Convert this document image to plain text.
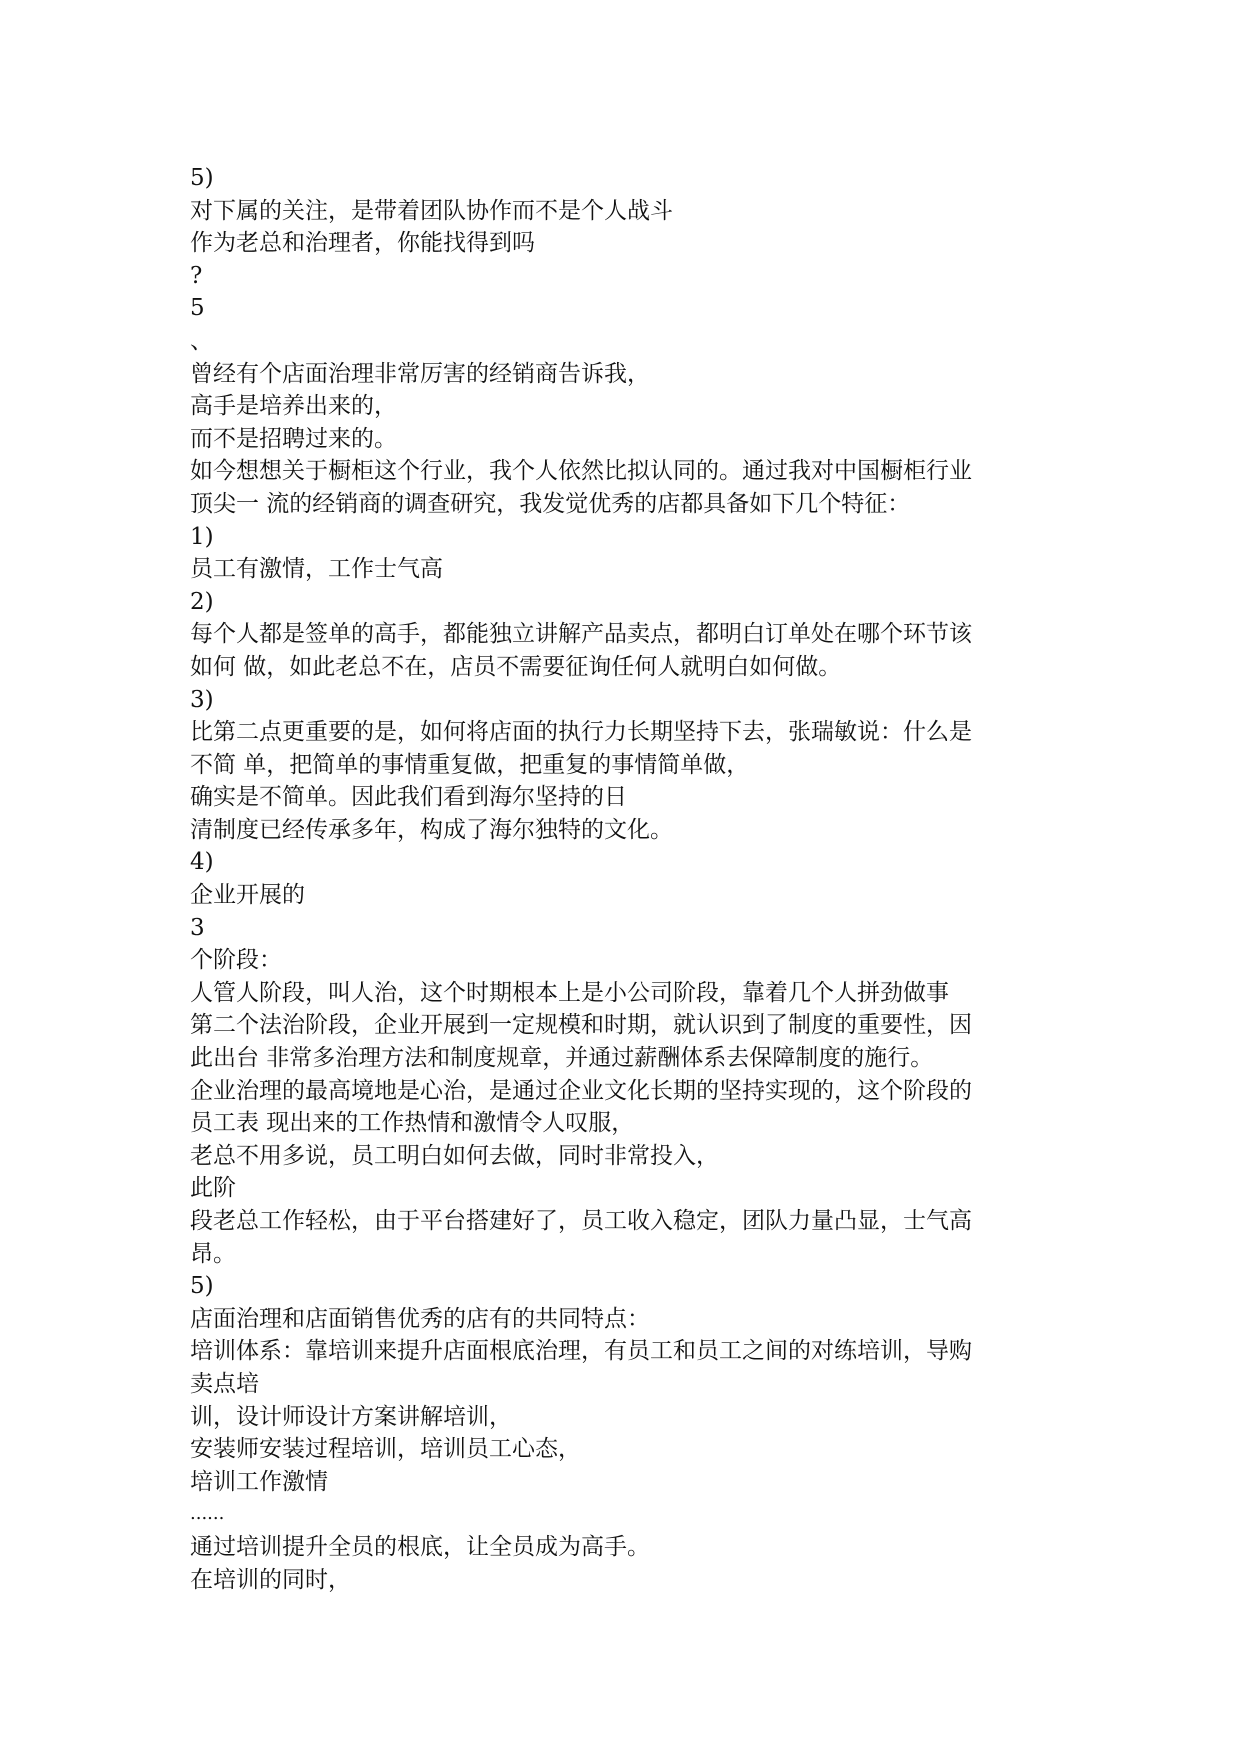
5)

对下属的关注，是带着团队协作而不是个人战斗

作为老总和治理者，你能找得到吗

?

5

、

曾经有个店面治理非常厉害的经销商告诉我，

高手是培养出来的，

而不是招聘过来的。

如今想想关于橱柜这个行业，我个人依然比拟认同的。通过我对中国橱柜行业

顶尖一 流的经销商的调查研究，我发觉优秀的店都具备如下几个特征：

1)

员工有激情，工作士气高

2)

每个人都是签单的高手，都能独立讲解产品卖点，都明白订单处在哪个环节该

如何 做，如此老总不在，店员不需要征询任何人就明白如何做。

3)

比第二点更重要的是，如何将店面的执行力长期坚持下去，张瑞敏说：什么是

不简 单，把简单的事情重复做，把重复的事情简单做，

确实是不简单。因此我们看到海尔坚持的日

清制度已经传承多年，构成了海尔独特的文化。

4)

企业开展的

3

个阶段：

人管人阶段，叫人治，这个时期根本上是小公司阶段，靠着几个人拼劲做事

第二个法治阶段，企业开展到一定规模和时期，就认识到了制度的重要性，因

此出台 非常多治理方法和制度规章，并通过薪酬体系去保障制度的施行。

企业治理的最高境地是心治，是通过企业文化长期的坚持实现的，这个阶段的

员工表 现出来的工作热情和激情令人叹服，

老总不用多说，员工明白如何去做，同时非常投入，

此阶

段老总工作轻松，由于平台搭建好了，员工收入稳定，团队力量凸显，士气高

昂。

5)

店面治理和店面销售优秀的店有的共同特点：

培训体系：靠培训来提升店面根底治理，有员工和员工之间的对练培训，导购

卖点培

训，设计师设计方案讲解培训，

安装师安装过程培训，培训员工心态，

培训工作激情

......

通过培训提升全员的根底，让全员成为高手。

在培训的同时，
